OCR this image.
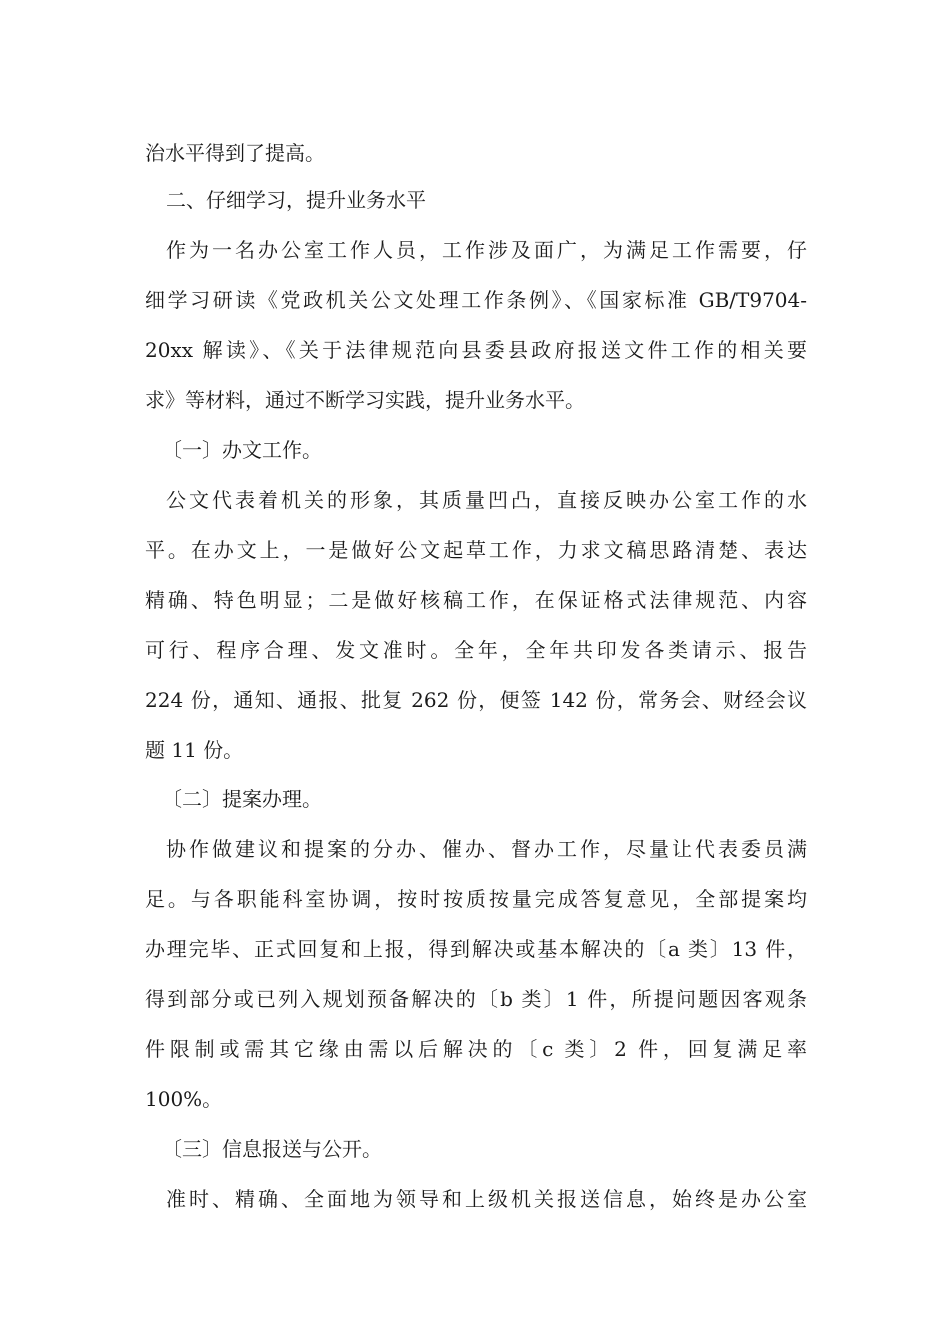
治水平得到了提高。
二、仔细学习，提升业务水平
作为一名办公室工作人员，工作涉及面广，为满足工作需要，仔
细学习研读《党政机关公文处理工作条例》、《国家标准 GB/T9704-
20xx 解读》、《关于法律规范向县委县政府报送文件工作的相关要
求》等材料，通过不断学习实践，提升业务水平。
〔一〕办文工作。
公文代表着机关的形象，其质量凹凸，直接反映办公室工作的水
平。在办文上，一是做好公文起草工作，力求文稿思路清楚、表达
精确、特色明显；二是做好核稿工作，在保证格式法律规范、内容
可行、程序合理、发文准时。全年，全年共印发各类请示、报告
224 份，通知、通报、批复 262 份，便签 142 份，常务会、财经会议
题 11 份。
〔二〕提案办理。
协作做建议和提案的分办、催办、督办工作，尽量让代表委员满
足。与各职能科室协调，按时按质按量完成答复意见，全部提案均
办理完毕、正式回复和上报，得到解决或基本解决的〔a 类〕13 件，
得到部分或已列入规划预备解决的〔b 类〕1 件，所提问题因客观条
件限制或需其它缘由需以后解决的〔c 类〕2 件，回复满足率
100%。
〔三〕信息报送与公开。
准时、精确、全面地为领导和上级机关报送信息，始终是办公室
